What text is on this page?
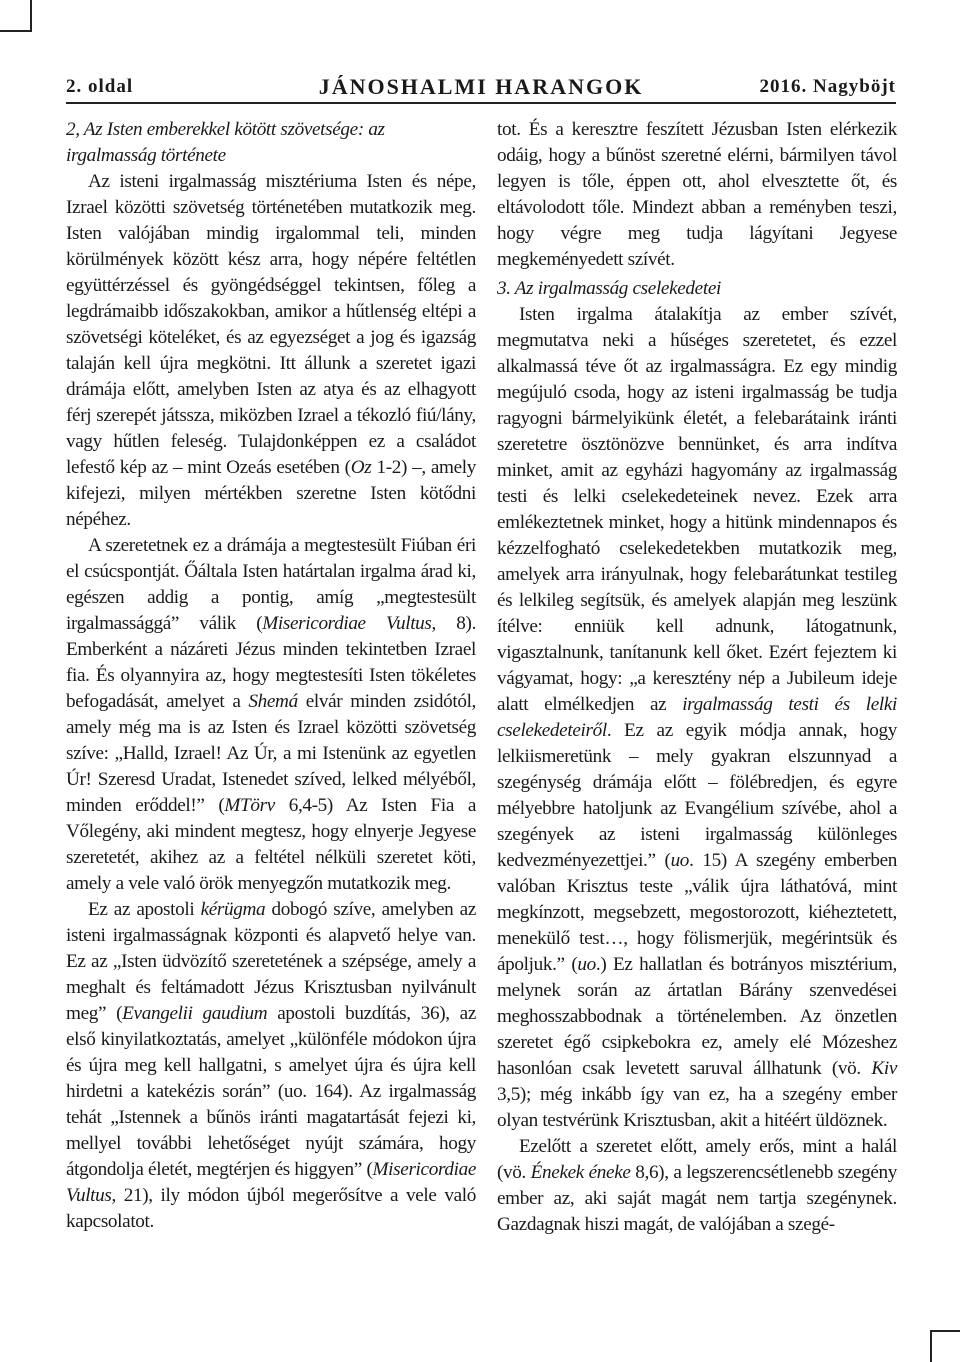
2. oldal	JÁNOSHALMI HARANGOK	2016. Nagyböjt
2, Az Isten emberekkel kötött szövetsége: az irgalmasság története

Az isteni irgalmasság misztériuma Isten és népe, Izrael közötti szövetség történetében mutatkozik meg. Isten valójában mindig irgalommal teli, minden körülmények között kész arra, hogy népére feltétlen együttérzéssel és gyöngédséggel tekintsen, főleg a legdrámaibb időszakokban, amikor a hűtlenség eltépi a szövetségi köteléket, és az egyezséget a jog és igazság talaján kell újra megkötni. Itt állunk a szeretet igazi drámája előtt, amelyben Isten az atya és az elhagyott férj szerepét játssza, miközben Izrael a tékozló fiú/lány, vagy hűtlen feleség. Tulajdonképpen ez a családot lefestő kép az – mint Ozeás esetében (Oz 1-2) –, amely kifejezi, milyen mértékben szeretne Isten kötődni népéhez.

A szeretetnek ez a drámája a megtestesült Fiúban éri el csúcspontját. Őáltala Isten határtalan irgalma árad ki, egészen addig a pontig, amíg „megtestesült irgalmassággá” válik (Misericordiae Vultus, 8). Emberként a názáreti Jézus minden tekintetben Izrael fia. És olyannyira az, hogy megtestesíti Isten tökéletes befogadását, amelyet a Shemá elvár minden zsidótól, amely még ma is az Isten és Izrael közötti szövetség szíve: „Halld, Izrael! Az Úr, a mi Istenünk az egyetlen Úr! Szeresd Uradat, Istenedet szíved, lelked mélyéből, minden erőddel!” (MTörv 6,4-5) Az Isten Fia a Vőlegény, aki mindent megtesz, hogy elnyerje Jegyese szeretetét, akihez az a feltétel nélküli szeretet köti, amely a vele való örök menyegzőn mutatkozik meg.

Ez az apostoli kérügma dobogó szíve, amelyben az isteni irgalmasságnak központi és alapvető helye van. Ez az „Isten üdvözítő szeretetének a szépsége, amely a meghalt és feltámadott Jézus Krisztusban nyilvánult meg” (Evangelii gaudium apostoli buzdítás, 36), az első kinyilatkoztatás, amelyet „különféle módokon újra és újra meg kell hallgatni, s amelyet újra és újra kell hirdetni a katekézis során” (uo. 164). Az irgalmasság tehát „Istennek a bűnös iránti magatartását fejezi ki, mellyel további lehetőséget nyújt számára, hogy átgondolja életét, megtérjen és higgyen” (Misericordiae Vultus, 21), ily módon újból megerősítve a vele való kapcsolatot.

tot. És a keresztre feszített Jézusban Isten elérkezik odáig, hogy a bűnöst szeretné elérni, bármilyen távol legyen is tőle, éppen ott, ahol elvesztette őt, és eltávolodott tőle. Mindezt abban a reményben teszi, hogy végre meg tudja lágyítani Jegyese megkeményedett szívét.

3. Az irgalmasság cselekedetei

Isten irgalma átalakítja az ember szívét, megmutatva neki a hűséges szeretetet, és ezzel alkalmassá téve őt az irgalmasságra. Ez egy mindig megújuló csoda, hogy az isteni irgalmasság be tudja ragyogni bármelyikünk életét, a felebarátaink iránti szeretetre ösztönözve bennünket, és arra indítva minket, amit az egyházi hagyomány az irgalmasság testi és lelki cselekedeteinek nevez. Ezek arra emlékeztetnek minket, hogy a hitünk mindennapos és kézzelfogható cselekedetekben mutatkozik meg, amelyek arra irányulnak, hogy felebarátunkat testileg és lelkileg segítsük, és amelyek alapján meg leszünk ítélve: enniük kell adnunk, látogatnunk, vigasztalnunk, tanítanunk kell őket. Ezért fejeztem ki vágyamat, hogy: „a keresztény nép a Jubileum ideje alatt elmélkedjen az irgalmasság testi és lelki cselekedeteiről. Ez az egyik módja annak, hogy lelkiismeretünk – mely gyakran elszunnyad a szegénység drámája előtt – fölébredjen, és egyre mélyebbre hatoljunk az Evangélium szívébe, ahol a szegények az isteni irgalmasság különleges kedvezményezettjei.” (uo. 15) A szegény emberben valóban Krisztus teste „válik újra láthatóvá, mint megkínzott, megsebzett, megostorozott, kiéheztetett, menekülő test…, hogy fölismerjük, megérintsük és ápoljuk.” (uo.) Ez hallatlan és botrányos misztérium, melynek során az ártatlan Bárány szenvedései meghosszabbodnak a történelemben. Az önzetlen szeretet égő csipkebokra ez, amely elé Mózeshez hasonlóan csak levetett saruval állhatunk (vö. Kiv 3,5); még inkább így van ez, ha a szegény ember olyan testvérünk Krisztusban, akit a hitéért üldöznek.

Ezelőtt a szeretet előtt, amely erős, mint a halál (vö. Énekek éneke 8,6), a legszerencsétlenebb szegény ember az, aki saját magát nem tartja szegénynek. Gazdagnak hiszi magát, de valójában a szegé-
